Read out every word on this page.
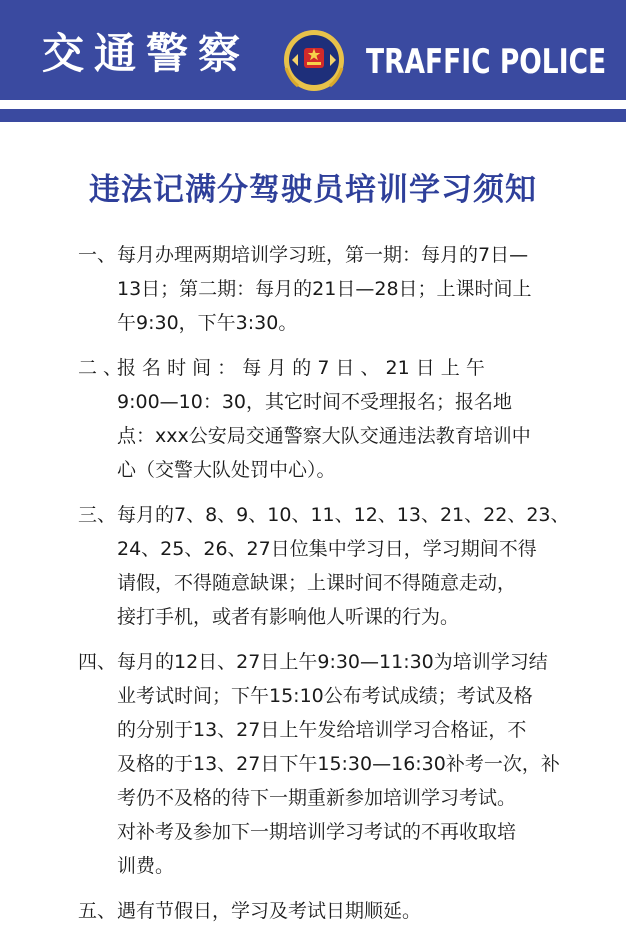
交通警察	TRAFFIC POLICE
违法记满分驾驶员培训学习须知
一、 每月办理两期培训学习班，第一期：每月的7日—
13日；第二期：每月的21日—28日；上课时间上
午9:30，下午3:30。

二 、

报 名 时 间 ： 每 月 的 7 日 、 21 日 上 午
9:00—10：30，其它时间不受理报名；报名地
点：xxx公安局交通警察大队交通违法教育培训中
心（交警大队处罚中心）。

三、 每月的7、8、9、10、11、12、13、21、22、23、
24、25、26、27日位集中学习日，学习期间不得
请假，不得随意缺课；上课时间不得随意走动，
接打手机，或者有影响他人听课的行为。

四、 每月的12日、27日上午9:30—11:30为培训学习结
业考试时间；下午15:10公布考试成绩；考试及格
的分别于13、27日上午发给培训学习合格证，不
及格的于13、27日下午15:30—16:30补考一次，补
考仍不及格的待下一期重新参加培训学习考试。
对补考及参加下一期培训学习考试的不再收取培
训费。

五、 遇有节假日，学习及考试日期顺延。
